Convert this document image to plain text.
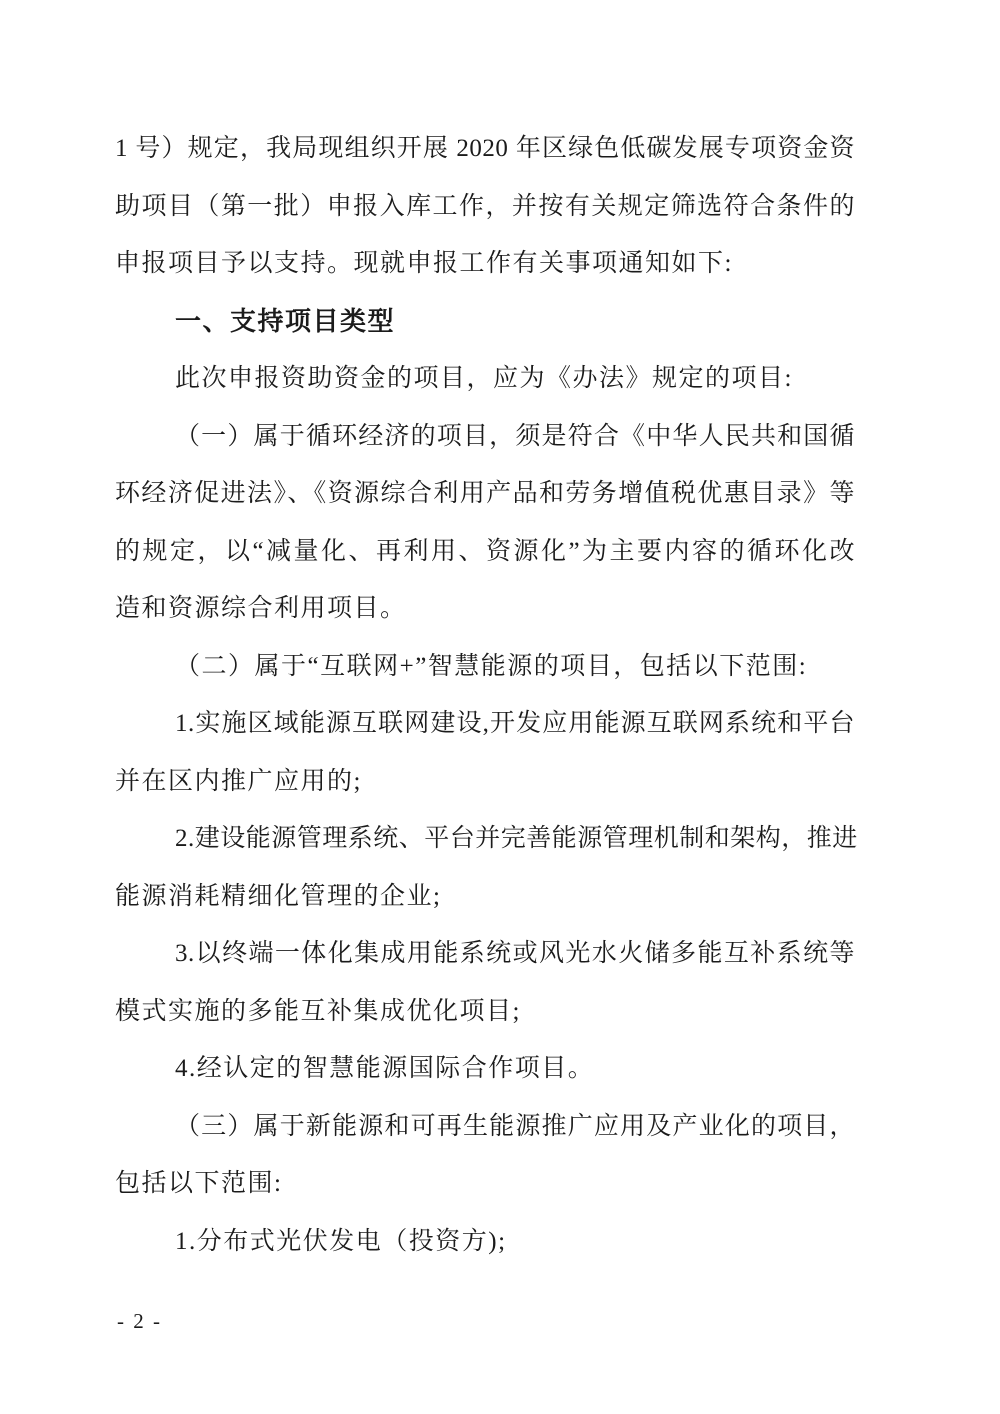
1 号）规定，我局现组织开展 2020 年区绿色低碳发展专项资金资
助项目（第一批）申报入库工作，并按有关规定筛选符合条件的
申报项目予以支持。现就申报工作有关事项通知如下:
一、支持项目类型
此次申报资助资金的项目，应为《办法》规定的项目:
（一）属于循环经济的项目，须是符合《中华人民共和国循
环经济促进法》、《资源综合利用产品和劳务增值税优惠目录》等
的规定，以“减量化、再利用、资源化”为主要内容的循环化改
造和资源综合利用项目。
（二）属于“互联网+”智慧能源的项目，包括以下范围:
1.实施区域能源互联网建设,开发应用能源互联网系统和平台
并在区内推广应用的;
2.建设能源管理系统、平台并完善能源管理机制和架构，推进
能源消耗精细化管理的企业;
3.以终端一体化集成用能系统或风光水火储多能互补系统等
模式实施的多能互补集成优化项目;
4.经认定的智慧能源国际合作项目。
（三）属于新能源和可再生能源推广应用及产业化的项目，
包括以下范围:
1.分布式光伏发电（投资方);
- 2 -
